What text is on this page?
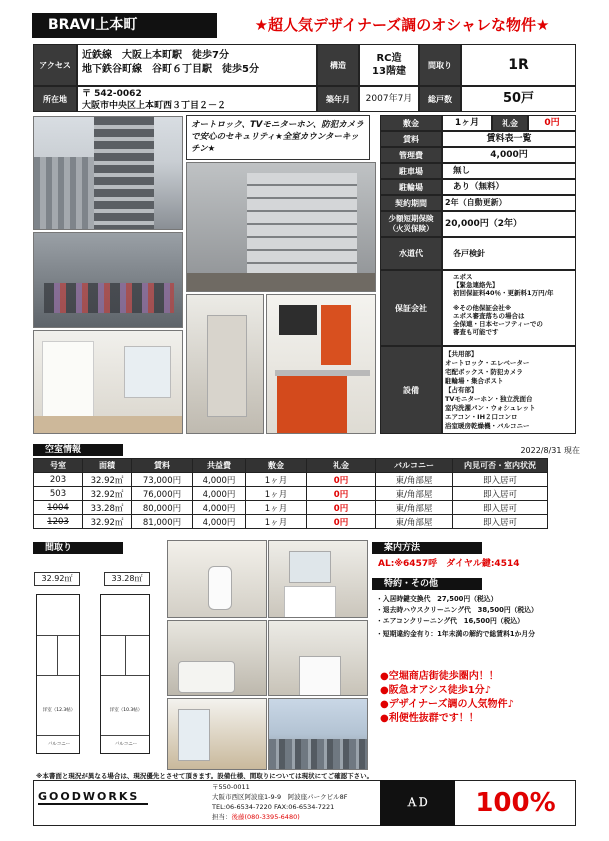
BRAVI上本町	★超人気デザイナーズ調のオシャレな物件★
アクセス
近鉄線　大阪上本町駅　徒歩7分
地下鉄谷町線　谷町６丁目駅　徒歩5分	構造
RC造
13階建
間取り	1R
所在地	〒 542-0062
大阪市中央区上本町西３丁目２－２
築年月	2007年7月	総戸数	50戸
オートロック、TVモニターホン、防犯カメラで安心のセキュリティ★全室カウンターキッチン★
敷金	1ヶ月	礼金	0円
賃料	賃料表一覧
管理費	4,000円
駐車場	無し
駐輪場	あり（無料）
契約期間	2年（自動更新）
少額短期保険
（火災保険）	20,000円（2年）
水道代	各戸検針
保証会社
エポス
【緊急連絡先】
初回保証料40％・更新料1万円/年
※その他保証会社※
エポス審査落ちの場合は
全保連・日本セーフティーでの
審査も可能です
設備
【共用部】
オートロック・エレベーター
宅配ボックス・防犯カメラ
駐輪場・集合ポスト
【占有部】
TVモニターホン・独立洗面台
室内洗濯パン・ウォシュレット
エアコン・IH２口コンロ
浴室暖房乾燥機・バルコニー
空室情報	2022/8/31 現在
号室	面積	賃料	共益費	敷金	礼金	バルコニー	内見可否・室内状況
203	32.92㎡	73,000円	4,000円	1ヶ月	0円	東/角部屋	即入居可
503	32.92㎡	76,000円	4,000円	1ヶ月	0円	東/角部屋	即入居可
1004	33.28㎡	80,000円	4,000円	1ヶ月	0円	東/角部屋	即入居可
1203	32.92㎡	81,000円	4,000円	1ヶ月	0円	東/角部屋	即入居可
間取り
32.92㎡	33.28㎡
洋室（12.3帖）
バルコニー
洋室（10.3帖）
バルコニー
案内方法
AL:※6457呼　ダイヤル鍵:4514
特約・その他
・入居時鍵交換代　27,500円（税込）
・退去時ハウスクリーニング代　38,500円（税込）
・エアコンクリーニング代　16,500円（税込）
・短期違約金有り：1年未満の解約で総賃料1か月分
●空堀商店街徒歩圏内！！
●阪急オアシス徒歩1分♪
●デザイナーズ調の人気物件♪
●利便性抜群です！！
※本書面と現況が異なる場合は、現況優先とさせて頂きます。設備仕様、間取りについては現状にてご確認下さい。
GOODWORKS
〒550-0011
大阪市西区阿波座1-9-9　阿波座パークビル8F
TEL:06-6534-7220 FAX:06-6534-7221
担当：後藤(080-3395-6480)
ＡＤ	100%
